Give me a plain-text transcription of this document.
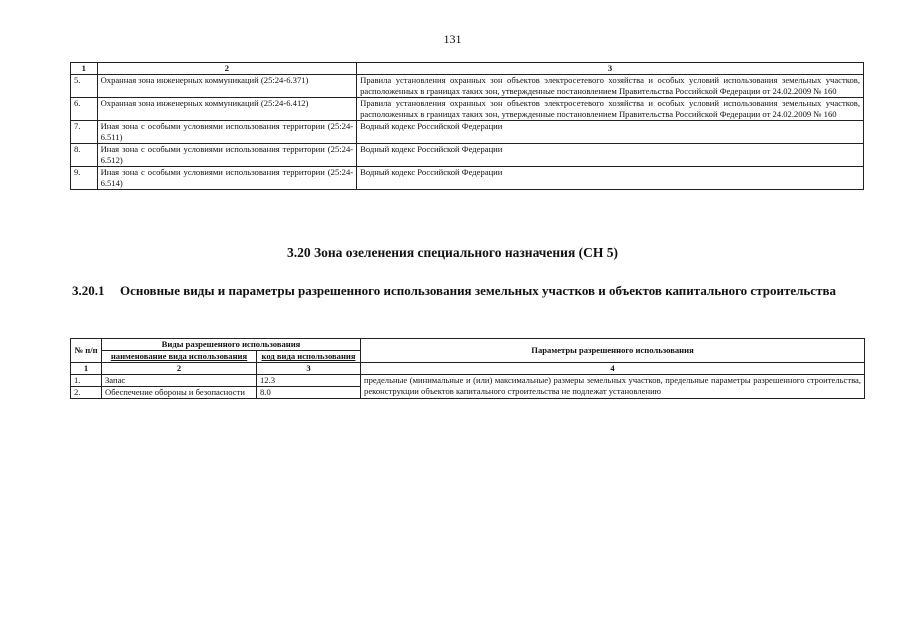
131
1	2	3
5.	Охранная зона инженерных коммуникаций (25:24-6.371)	Правила установления охранных зон объектов электросетевого хозяйства и особых условий использования земельных участков, расположенных в границах таких зон, утвержденные постановлением Правительства Российской Федерации от 24.02.2009 № 160
6.	Охранная зона инженерных коммуникаций (25:24-6.412)	Правила установления охранных зон объектов электросетевого хозяйства и особых условий использования земельных участков, расположенных в границах таких зон, утвержденные постановлением Правительства Российской Федерации от 24.02.2009 № 160
7.	Иная зона с особыми условиями использования территории (25:24-6.511)	Водный кодекс Российской Федерации
8.	Иная зона с особыми условиями использования территории (25:24-6.512)	Водный кодекс Российской Федерации
9.	Иная зона с особыми условиями использования территории (25:24-6.514)	Водный кодекс Российской Федерации
3.20 Зона озеленения специального назначения (СН 5)
3.20.1 Основные виды и параметры разрешенного использования земельных участков и объектов капитального строительства
№ п/п	Виды разрешенного использования		Параметры разрешенного использования
	наименование вида использования	код вида использования	
1	2	3	4
1.	Запас	12.3	предельные (минимальные и (или) максимальные) размеры земельных участков, предельные параметры разрешенного строительства, реконструкции объектов капитального строительства не подлежат установлению
2.	Обеспечение обороны и безопасности	8.0	
